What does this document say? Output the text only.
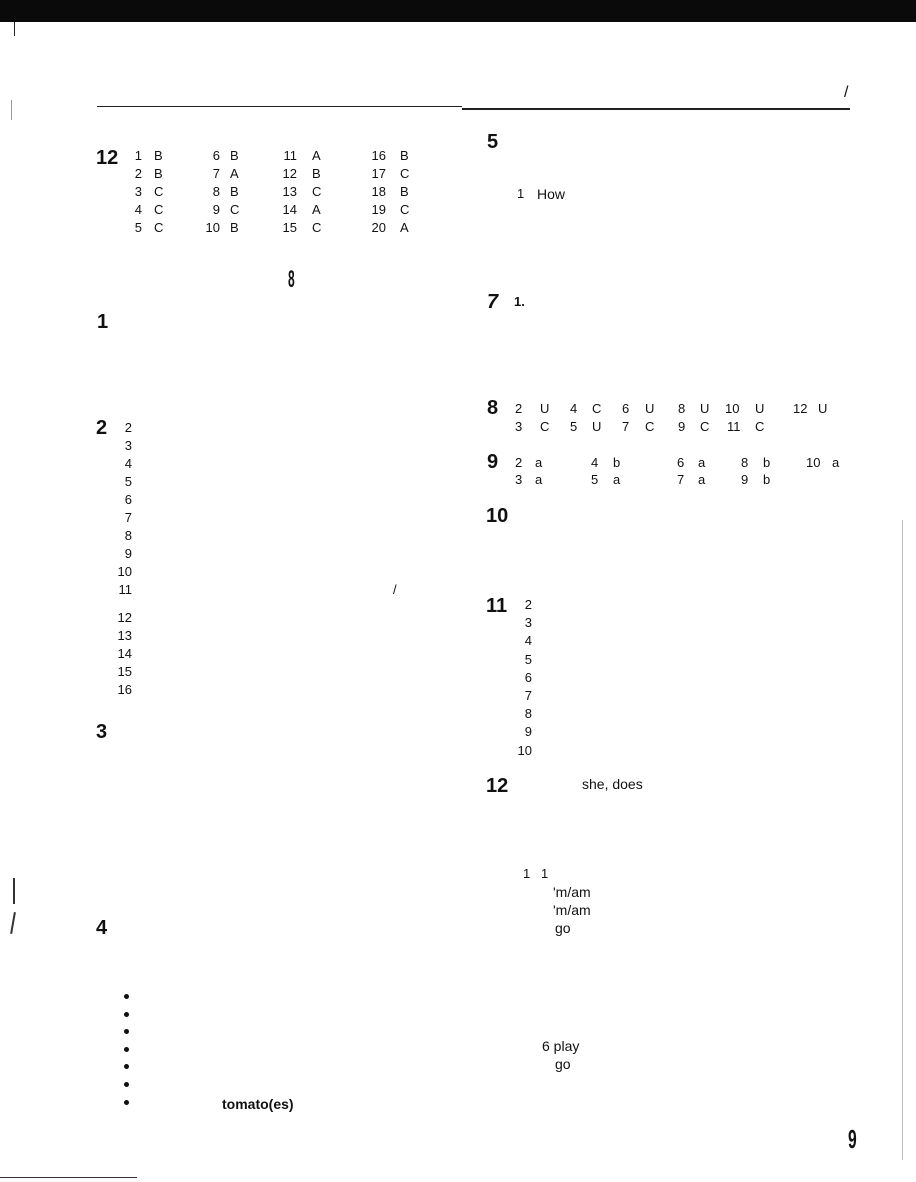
/
12	1 B
2 B
3 C
4 C
5 C
6 B
7 A
8 B
9 C
10 B
11 A
12 B
13 C
14 A
15 C
16 B
17 C
18 B
19 C
20 A
8
1
2	2
3
4
5
6
7
8
9
10
11
12
13
14
15
16
/
3
4
tomato(es)
5
1 How
7 1.
8 2 U 4 C 6 U 8 U 10 U 12 U
3 C 5 U 7 C 9 C 11 C
9 2 a	4 b	6 a	8 b	10 a
3 a	5 a	7 a	9 b
10
11	2
3
4
5
6
7
8
9
10
12	she, does
1 1
'm/am
'm/am
go
6 play
go
9
